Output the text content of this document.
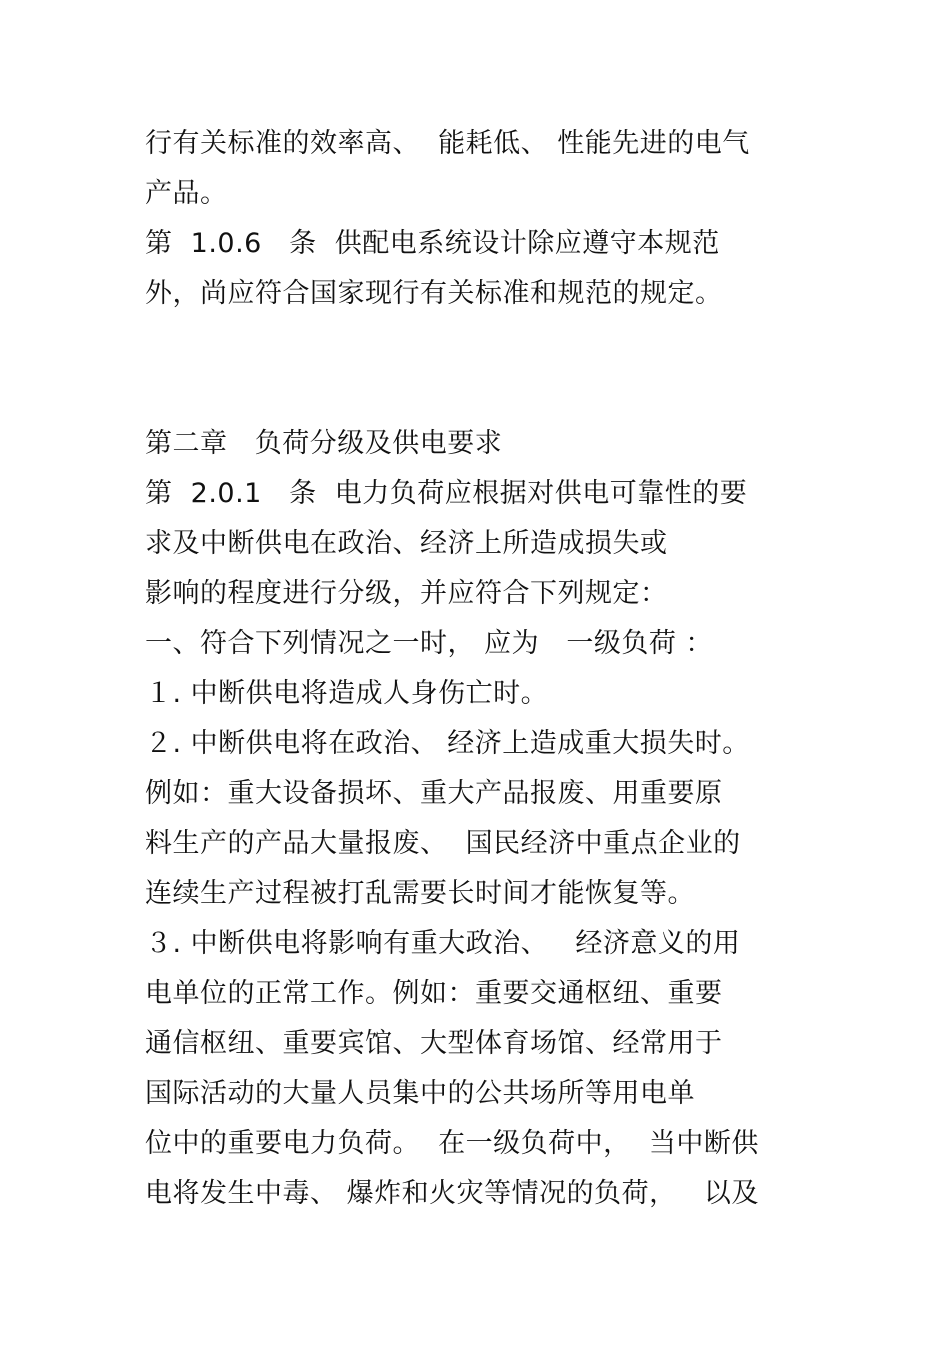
行有关标准的效率高、  能耗低、 性能先进的电气
产品。
第  1.0.6   条  供配电系统设计除应遵守本规范
外，尚应符合国家现行有关标准和规范的规定。
第二章   负荷分级及供电要求
第  2.0.1   条  电力负荷应根据对供电可靠性的要
求及中断供电在政治、经济上所造成损失或
影响的程度进行分级，并应符合下列规定：
一、符合下列情况之一时， 应为   一级负荷 ：
１. 中断供电将造成人身伤亡时。
２. 中断供电将在政治、 经济上造成重大损失时。
例如：重大设备损坏、重大产品报废、用重要原
料生产的产品大量报废、  国民经济中重点企业的
连续生产过程被打乱需要长时间才能恢复等。
３. 中断供电将影响有重大政治、   经济意义的用
电单位的正常工作。例如：重要交通枢纽、重要
通信枢纽、重要宾馆、大型体育场馆、经常用于
国际活动的大量人员集中的公共场所等用电单
位中的重要电力负荷。  在一级负荷中，  当中断供
电将发生中毒、 爆炸和火灾等情况的负荷，   以及
